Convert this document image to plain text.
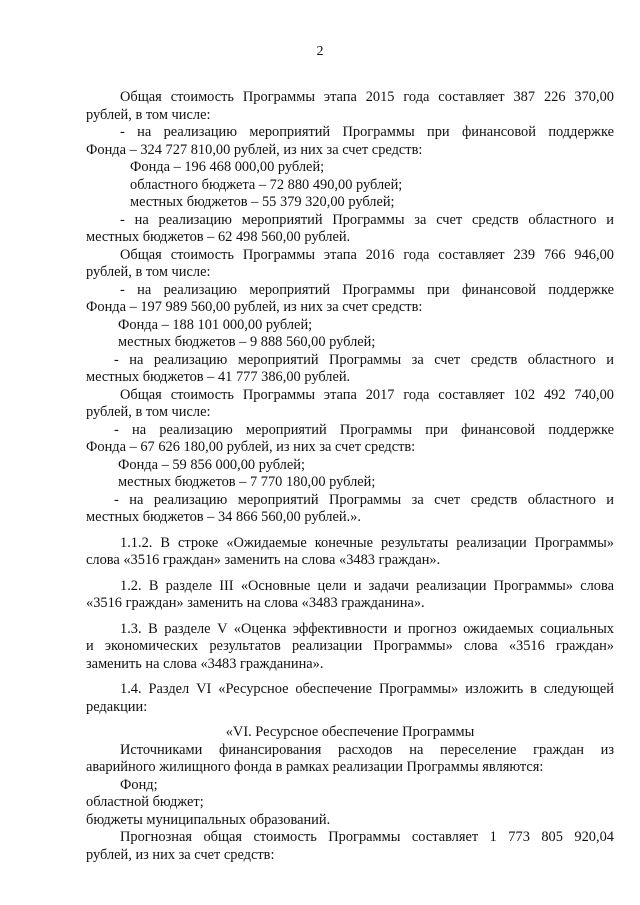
2

Общая стоимость Программы этапа 2015 года составляет 387 226 370,00

рублей, в том числе:

- на реализацию мероприятий Программы при финансовой поддержке

Фонда – 324 727 810,00 рублей, из них за счет средств:

Фонда – 196 468 000,00 рублей;

областного бюджета – 72 880 490,00 рублей;

местных бюджетов – 55 379 320,00 рублей;

- на реализацию мероприятий Программы за счет средств областного и

местных бюджетов – 62 498 560,00 рублей.

Общая стоимость Программы этапа 2016 года составляет 239 766 946,00

рублей, в том числе:

- на реализацию мероприятий Программы при финансовой поддержке

Фонда – 197 989 560,00 рублей, из них за счет средств:

Фонда – 188 101 000,00 рублей;

местных бюджетов – 9 888 560,00 рублей;

- на реализацию мероприятий Программы за счет средств областного и

местных бюджетов – 41 777 386,00 рублей.

Общая стоимость Программы этапа 2017 года составляет 102 492 740,00

рублей, в том числе:

- на реализацию мероприятий Программы при финансовой поддержке

Фонда – 67 626 180,00 рублей, из них за счет средств:

Фонда – 59 856 000,00 рублей;

местных бюджетов – 7 770 180,00 рублей;

- на реализацию мероприятий Программы за счет средств областного и

местных бюджетов – 34 866 560,00 рублей.».

1.1.2. В строке «Ожидаемые конечные результаты реализации Программы»

слова «3516 граждан» заменить на слова «3483 граждан».

1.2. В разделе III «Основные цели и задачи реализации Программы» слова

«3516 граждан» заменить на слова «3483 гражданина».

1.3. В разделе V «Оценка эффективности и прогноз ожидаемых социальных

и экономических результатов реализации Программы» слова «3516 граждан»

заменить на слова «3483 гражданина».

1.4. Раздел VI «Ресурсное обеспечение Программы» изложить в следующей

редакции:

«VI. Ресурсное обеспечение Программы

Источниками финансирования расходов на переселение граждан из

аварийного жилищного фонда в рамках реализации Программы являются:

Фонд;

областной бюджет;

бюджеты муниципальных образований.

Прогнозная общая стоимость Программы составляет 1 773 805 920,04

рублей, из них за счет средств:
